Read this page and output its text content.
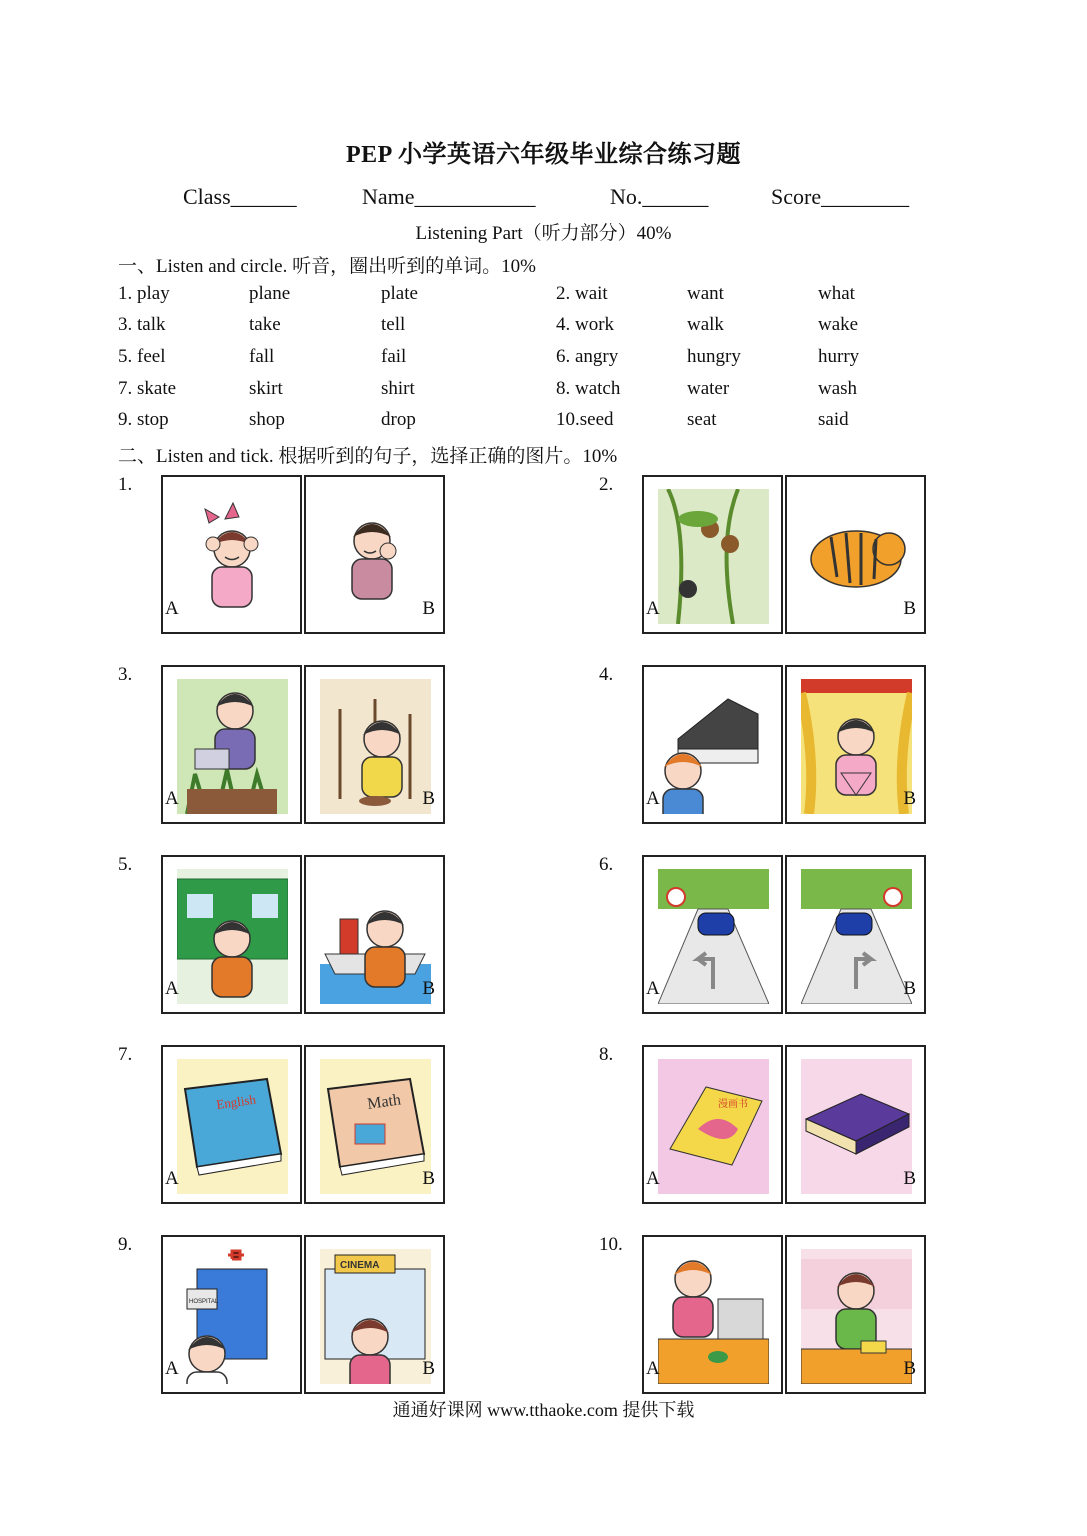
PEP 小学英语六年级毕业综合练习题
Class______	Name___________	No.______	Score________
Listening Part（听力部分）40%
一、Listen and circle. 听音，圈出听到的单词。10%
1. play	plane	plate	2. wait	want	what
3. talk	take	tell	4. work	walk	wake
5. feel	fall	fail	6. angry	hungry	hurry
7. skate	skirt	shirt	8. watch	water	wash
9. stop	shop	drop	10.seed	seat	said
二、Listen and tick. 根据听到的句子，选择正确的图片。10%
1.
A	B
2.
A	B
3.
A	B
4.
A	B
5.
A	B
6.
A	B
7.
English
A
Math
B
8.
漫画书
A	B
9.
HOSPITAL
A
CINEMA
B
10.
A	B
通通好课网 www.tthaoke.com 提供下载
